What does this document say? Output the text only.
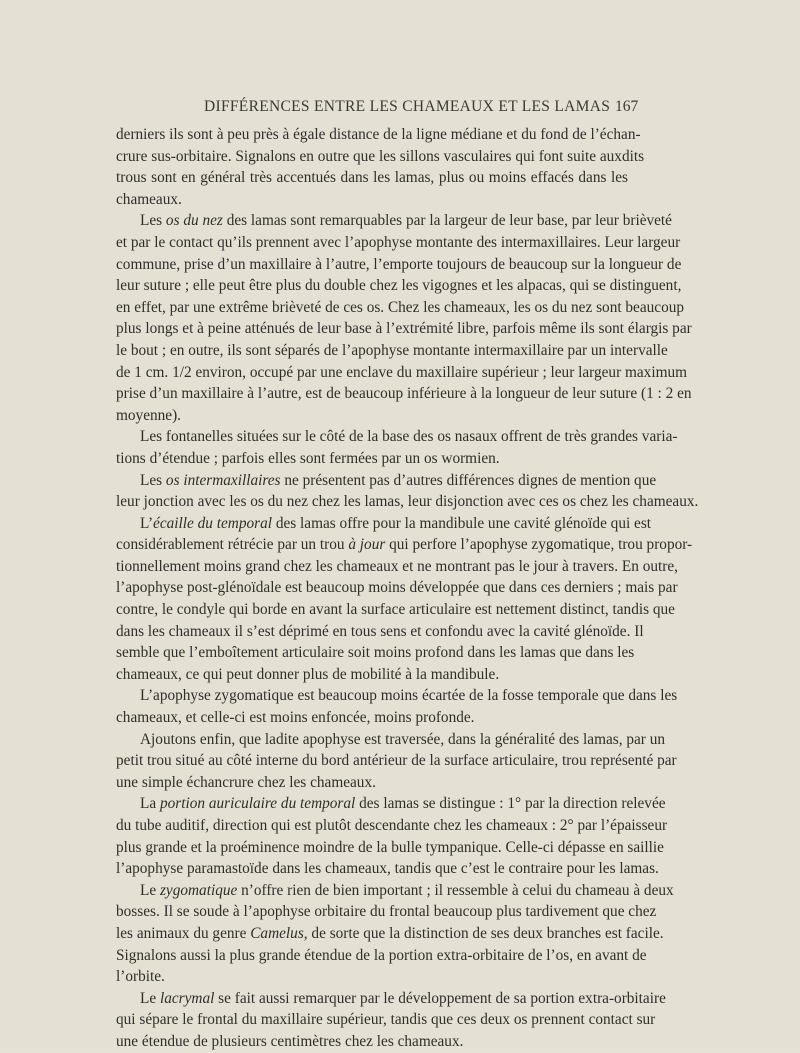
DIFFÉRENCES ENTRE LES CHAMEAUX ET LES LAMAS 167
derniers ils sont à peu près à égale distance de la ligne médiane et du fond de l’échan-
crure sus-orbitaire. Signalons en outre que les sillons vasculaires qui font suite auxdits
trous sont en général très accentués dans les lamas, plus ou moins effacés dans les
chameaux.
Les os du nez des lamas sont remarquables par la largeur de leur base, par leur brièveté
et par le contact qu’ils prennent avec l’apophyse montante des intermaxillaires. Leur largeur
commune, prise d’un maxillaire à l’autre, l’emporte toujours de beaucoup sur la longueur de
leur suture ; elle peut être plus du double chez les vigognes et les alpacas, qui se distinguent,
en effet, par une extrême brièveté de ces os. Chez les chameaux, les os du nez sont beaucoup
plus longs et à peine atténués de leur base à l’extrémité libre, parfois même ils sont élargis par
le bout ; en outre, ils sont séparés de l’apophyse montante intermaxillaire par un intervalle
de 1 cm. 1/2 environ, occupé par une enclave du maxillaire supérieur ; leur largeur maximum
prise d’un maxillaire à l’autre, est de beaucoup inférieure à la longueur de leur suture (1 : 2 en
moyenne).
Les fontanelles situées sur le côté de la base des os nasaux offrent de très grandes varia-
tions d’étendue ; parfois elles sont fermées par un os wormien.
Les os intermaxillaires ne présentent pas d’autres différences dignes de mention que
leur jonction avec les os du nez chez les lamas, leur disjonction avec ces os chez les chameaux.
L’écaille du temporal des lamas offre pour la mandibule une cavité glénoïde qui est
considérablement rétrécie par un trou à jour qui perfore l’apophyse zygomatique, trou propor-
tionnellement moins grand chez les chameaux et ne montrant pas le jour à travers. En outre,
l’apophyse post-glénoïdale est beaucoup moins développée que dans ces derniers ; mais par
contre, le condyle qui borde en avant la surface articulaire est nettement distinct, tandis que
dans les chameaux il s’est déprimé en tous sens et confondu avec la cavité glénoïde. Il
semble que l’emboîtement articulaire soit moins profond dans les lamas que dans les
chameaux, ce qui peut donner plus de mobilité à la mandibule.
L’apophyse zygomatique est beaucoup moins écartée de la fosse temporale que dans les
chameaux, et celle-ci est moins enfoncée, moins profonde.
Ajoutons enfin, que ladite apophyse est traversée, dans la généralité des lamas, par un
petit trou situé au côté interne du bord antérieur de la surface articulaire, trou représenté par
une simple échancrure chez les chameaux.
La portion auriculaire du temporal des lamas se distingue : 1° par la direction relevée
du tube auditif, direction qui est plutôt descendante chez les chameaux : 2° par l’épaisseur
plus grande et la proéminence moindre de la bulle tympanique. Celle-ci dépasse en saillie
l’apophyse paramastoïde dans les chameaux, tandis que c’est le contraire pour les lamas.
Le zygomatique n’offre rien de bien important ; il ressemble à celui du chameau à deux
bosses. Il se soude à l’apophyse orbitaire du frontal beaucoup plus tardivement que chez
les animaux du genre Camelus, de sorte que la distinction de ses deux branches est facile.
Signalons aussi la plus grande étendue de la portion extra-orbitaire de l’os, en avant de
l’orbite.
Le lacrymal se fait aussi remarquer par le développement de sa portion extra-orbitaire
qui sépare le frontal du maxillaire supérieur, tandis que ces deux os prennent contact sur
une étendue de plusieurs centimètres chez les chameaux.
